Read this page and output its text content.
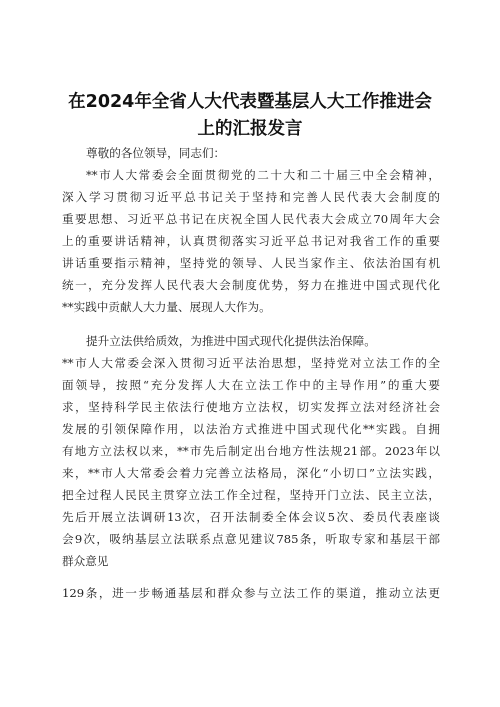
在2024年全省人大代表暨基层人大工作推进会
上的汇报发言
尊敬的各位领导，同志们：
**市人大常委会全面贯彻党的二十大和二十届三中全会精神，
深入学习贯彻习近平总书记关于坚持和完善人民代表大会制度的
重要思想、习近平总书记在庆祝全国人民代表大会成立70周年大会
上的重要讲话精神，认真贯彻落实习近平总书记对我省工作的重要
讲话重要指示精神，坚持党的领导、人民当家作主、依法治国有机
统一，充分发挥人民代表大会制度优势，努力在推进中国式现代化
**实践中贡献人大力量、展现人大作为。
提升立法供给质效，为推进中国式现代化提供法治保障。
**市人大常委会深入贯彻习近平法治思想，坚持党对立法工作的全
面领导，按照“充分发挥人大在立法工作中的主导作用”的重大要
求，坚持科学民主依法行使地方立法权，切实发挥立法对经济社会
发展的引领保障作用，以法治方式推进中国式现代化**实践。自拥
有地方立法权以来，**市先后制定出台地方性法规21部。2023年以
来，**市人大常委会着力完善立法格局，深化“小切口”立法实践，
把全过程人民民主贯穿立法工作全过程，坚持开门立法、民主立法，
先后开展立法调研13次，召开法制委全体会议5次、委员代表座谈
会9次，吸纳基层立法联系点意见建议785条，听取专家和基层干部
群众意见
129条，进一步畅通基层和群众参与立法工作的渠道，推动立法更
